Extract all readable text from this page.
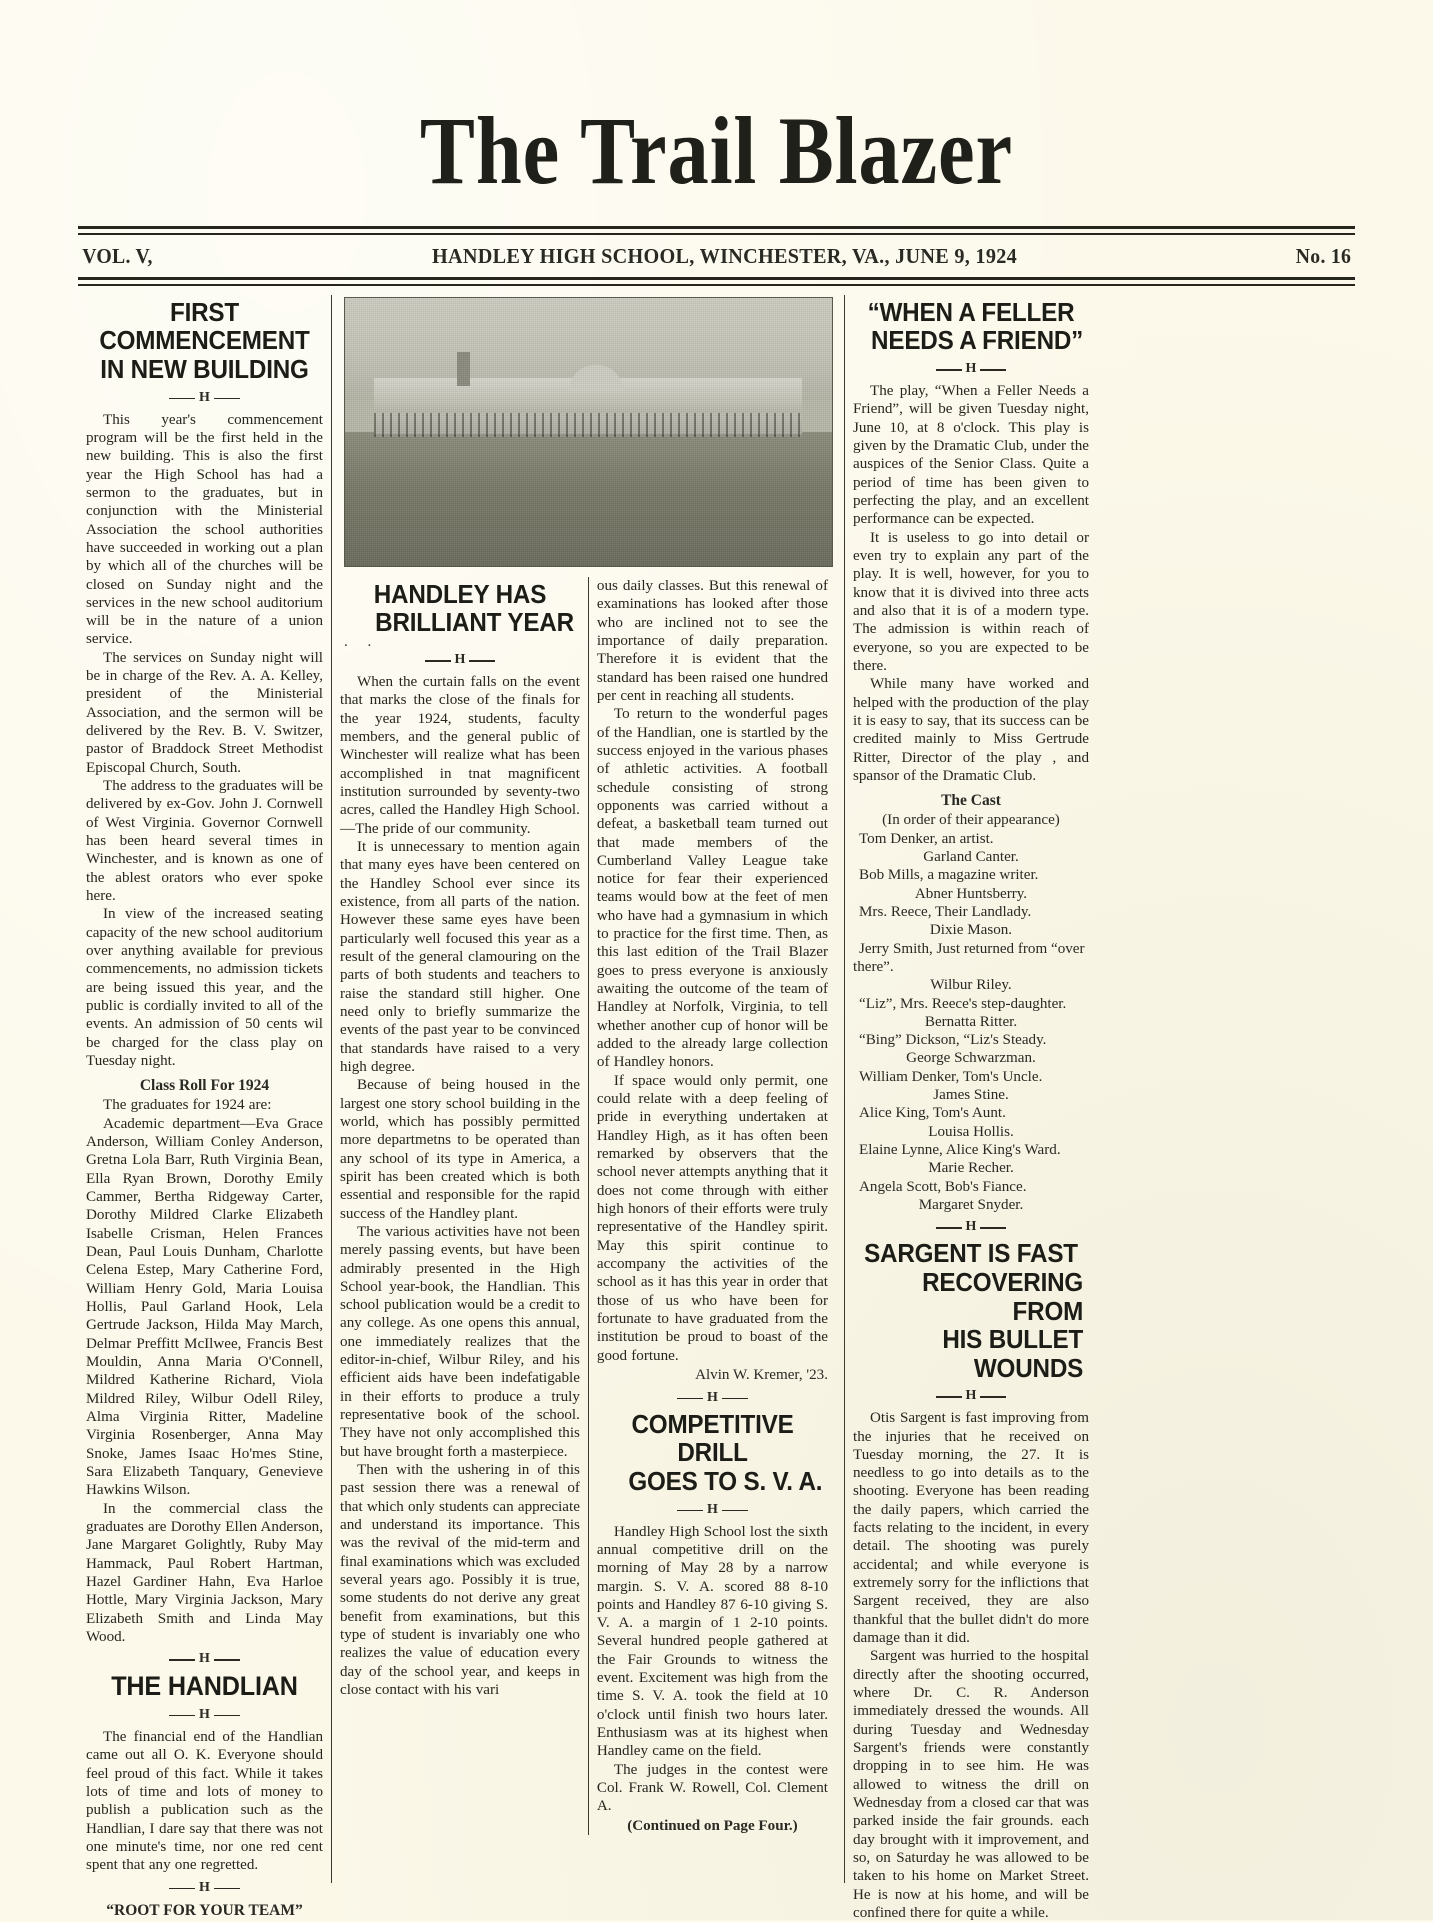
The Trail Blazer
VOL. V,	HANDLEY HIGH SCHOOL, WINCHESTER, VA., JUNE 9, 1924	No. 16
FIRST COMMENCEMENT
IN NEW BUILDING
H

This year's commencement program will be the first held in the new building. This is also the first year the High School has had a sermon to the graduates, but in conjunction with the Ministerial Association the school authorities have succeeded in working out a plan by which all of the churches will be closed on Sunday night and the services in the new school auditorium will be in the nature of a union service.

The services on Sunday night will be in charge of the Rev. A. A. Kelley, president of the Ministerial Association, and the sermon will be delivered by the Rev. B. V. Switzer, pastor of Braddock Street Methodist Episcopal Church, South.

The address to the graduates will be delivered by ex-Gov. John J. Cornwell of West Virginia. Governor Cornwell has been heard several times in Winchester, and is known as one of the ablest orators who ever spoke here.

In view of the increased seating capacity of the new school auditorium over anything available for previous commencements, no admission tickets are being issued this year, and the public is cordially invited to all of the events. An admission of 50 cents wil be charged for the class play on Tuesday night.

Class Roll For 1924

The graduates for 1924 are:

Academic department—Eva Grace Anderson, William Conley Anderson, Gretna Lola Barr, Ruth Virginia Bean, Ella Ryan Brown, Dorothy Emily Cammer, Bertha Ridgeway Carter, Dorothy Mildred Clarke Elizabeth Isabelle Crisman, Helen Frances Dean, Paul Louis Dunham, Charlotte Celena Estep, Mary Catherine Ford, William Henry Gold, Maria Louisa Hollis, Paul Garland Hook, Lela Gertrude Jackson, Hilda May March, Delmar Preffitt McIlwee, Francis Best Mouldin, Anna Maria O'Connell, Mildred Katherine Richard, Viola Mildred Riley, Wilbur Odell Riley, Alma Virginia Ritter, Madeline Virginia Rosenberger, Anna May Snoke, James Isaac Ho'mes Stine, Sara Elizabeth Tanquary, Genevieve Hawkins Wilson.

In the commercial class the graduates are Dorothy Ellen Anderson, Jane Margaret Golightly, Ruby May Hammack, Paul Robert Hartman, Hazel Gardiner Hahn, Eva Harloe Hottle, Mary Virginia Jackson, Mary Elizabeth Smith and Linda May Wood.

H
THE HANDLIAN
H

The financial end of the Handlian came out all O. K. Everyone should feel proud of this fact. While it takes lots of time and lots of money to publish a publication such as the Handlian, I dare say that there was not one minute's time, nor one red cent spent that any one regretted.

H
“ROOT FOR YOUR TEAM”
HANDLEY HAS
BRILLIANT YEAR
. .
H

When the curtain falls on the event that marks the close of the finals for the year 1924, students, faculty members, and the general public of Winchester will realize what has been accomplished in tnat magnificent institution surrounded by seventy-two acres, called the Handley High School.—The pride of our community.

It is unnecessary to mention again that many eyes have been centered on the Handley School ever since its existence, from all parts of the nation. However these same eyes have been particularly well focused this year as a result of the general clamouring on the parts of both students and teachers to raise the standard still higher. One need only to briefly summarize the events of the past year to be convinced that standards have raised to a very high degree.

Because of being housed in the largest one story school building in the world, which has possibly permitted more departmetns to be operated than any school of its type in America, a spirit has been created which is both essential and responsible for the rapid success of the Handley plant.

The various activities have not been merely passing events, but have been admirably presented in the High School year-book, the Handlian. This school publication would be a credit to any college. As one opens this annual, one immediately realizes that the editor-in-chief, Wilbur Riley, and his efficient aids have been indefatigable in their efforts to produce a truly representative book of the school. They have not only accomplished this but have brought forth a masterpiece.

Then with the ushering in of this past session there was a renewal of that which only students can appreciate and understand its importance. This was the revival of the mid-term and final examinations which was excluded several years ago. Possibly it is true, some students do not derive any great benefit from examinations, but this type of student is invariably one who realizes the value of education every day of the school year, and keeps in close contact with his vari

ous daily classes. But this renewal of examinations has looked after those who are inclined not to see the importance of daily preparation. Therefore it is evident that the standard has been raised one hundred per cent in reaching all students.

To return to the wonderful pages of the Handlian, one is startled by the success enjoyed in the various phases of athletic activities. A football schedule consisting of strong opponents was carried without a defeat, a basketball team turned out that made members of the Cumberland Valley League take notice for fear their experienced teams would bow at the feet of men who have had a gymnasium in which to practice for the first time. Then, as this last edition of the Trail Blazer goes to press everyone is anxiously awaiting the outcome of the team of Handley at Norfolk, Virginia, to tell whether another cup of honor will be added to the already large collection of Handley honors.

If space would only permit, one could relate with a deep feeling of pride in everything undertaken at Handley High, as it has often been remarked by observers that the school never attempts anything that it does not come through with either high honors of their efforts were truly representative of the Handley spirit. May this spirit continue to accompany the activities of the school as it has this year in order that those of us who have been for fortunate to have graduated from the institution be proud to boast of the good fortune.

Alvin W. Kremer, '23.
H
COMPETITIVE DRILL
GOES TO S. V. A.
H

Handley High School lost the sixth annual competitive drill on the morning of May 28 by a narrow margin. S. V. A. scored 88 8-10 points and Handley 87 6-10 giving S. V. A. a margin of 1 2-10 points. Several hundred people gathered at the Fair Grounds to witness the event. Excitement was high from the time S. V. A. took the field at 10 o'clock until finish two hours later. Enthusiasm was at its highest when Handley came on the field.

The judges in the contest were Col. Frank W. Rowell, Col. Clement A.

(Continued on Page Four.)
“WHEN A FELLER
NEEDS A FRIEND”
H

The play, “When a Feller Needs a Friend”, will be given Tuesday night, June 10, at 8 o'clock. This play is given by the Dramatic Club, under the auspices of the Senior Class. Quite a period of time has been given to perfecting the play, and an excellent performance can be expected.

It is useless to go into detail or even try to explain any part of the play. It is well, however, for you to know that it is divived into three acts and also that it is of a modern type. The admission is within reach of everyone, so you are expected to be there.

While many have worked and helped with the production of the play it is easy to say, that its success can be credited mainly to Miss Gertrude Ritter, Director of the play , and spansor of the Dramatic Club.

The Cast
(In order of their appearance)
Tom Denker, an artist.
Garland Canter.
Bob Mills, a magazine writer.
Abner Huntsberry.
Mrs. Reece, Their Landlady.
Dixie Mason.
Jerry Smith, Just returned from “over there”.
Wilbur Riley.
“Liz”, Mrs. Reece's step-daughter.
Bernatta Ritter.
“Bing” Dickson, “Liz's Steady.
George Schwarzman.
William Denker, Tom's Uncle.
James Stine.
Alice King, Tom's Aunt.
Louisa Hollis.
Elaine Lynne, Alice King's Ward.
Marie Recher.
Angela Scott, Bob's Fiance.
Margaret Snyder.
H
SARGENT IS FAST
RECOVERING FROM
HIS BULLET WOUNDS
H

Otis Sargent is fast improving from the injuries that he received on Tuesday morning, the 27. It is needless to go into details as to the shooting. Everyone has been reading the daily papers, which carried the facts relating to the incident, in every detail. The shooting was purely accidental; and while everyone is extremely sorry for the inflictions that Sargent received, they are also thankful that the bullet didn't do more damage than it did.

Sargent was hurried to the hospital directly after the shooting occurred, where Dr. C. R. Anderson immediately dressed the wounds. All during Tuesday and Wednesday Sargent's friends were constantly dropping in to see him. He was allowed to witness the drill on Wednesday from a closed car that was parked inside the fair grounds. each day brought with it improvement, and so, on Saturday he was allowed to be taken to his home on Market Street. He is now at his home, and will be confined there for quite a while.
